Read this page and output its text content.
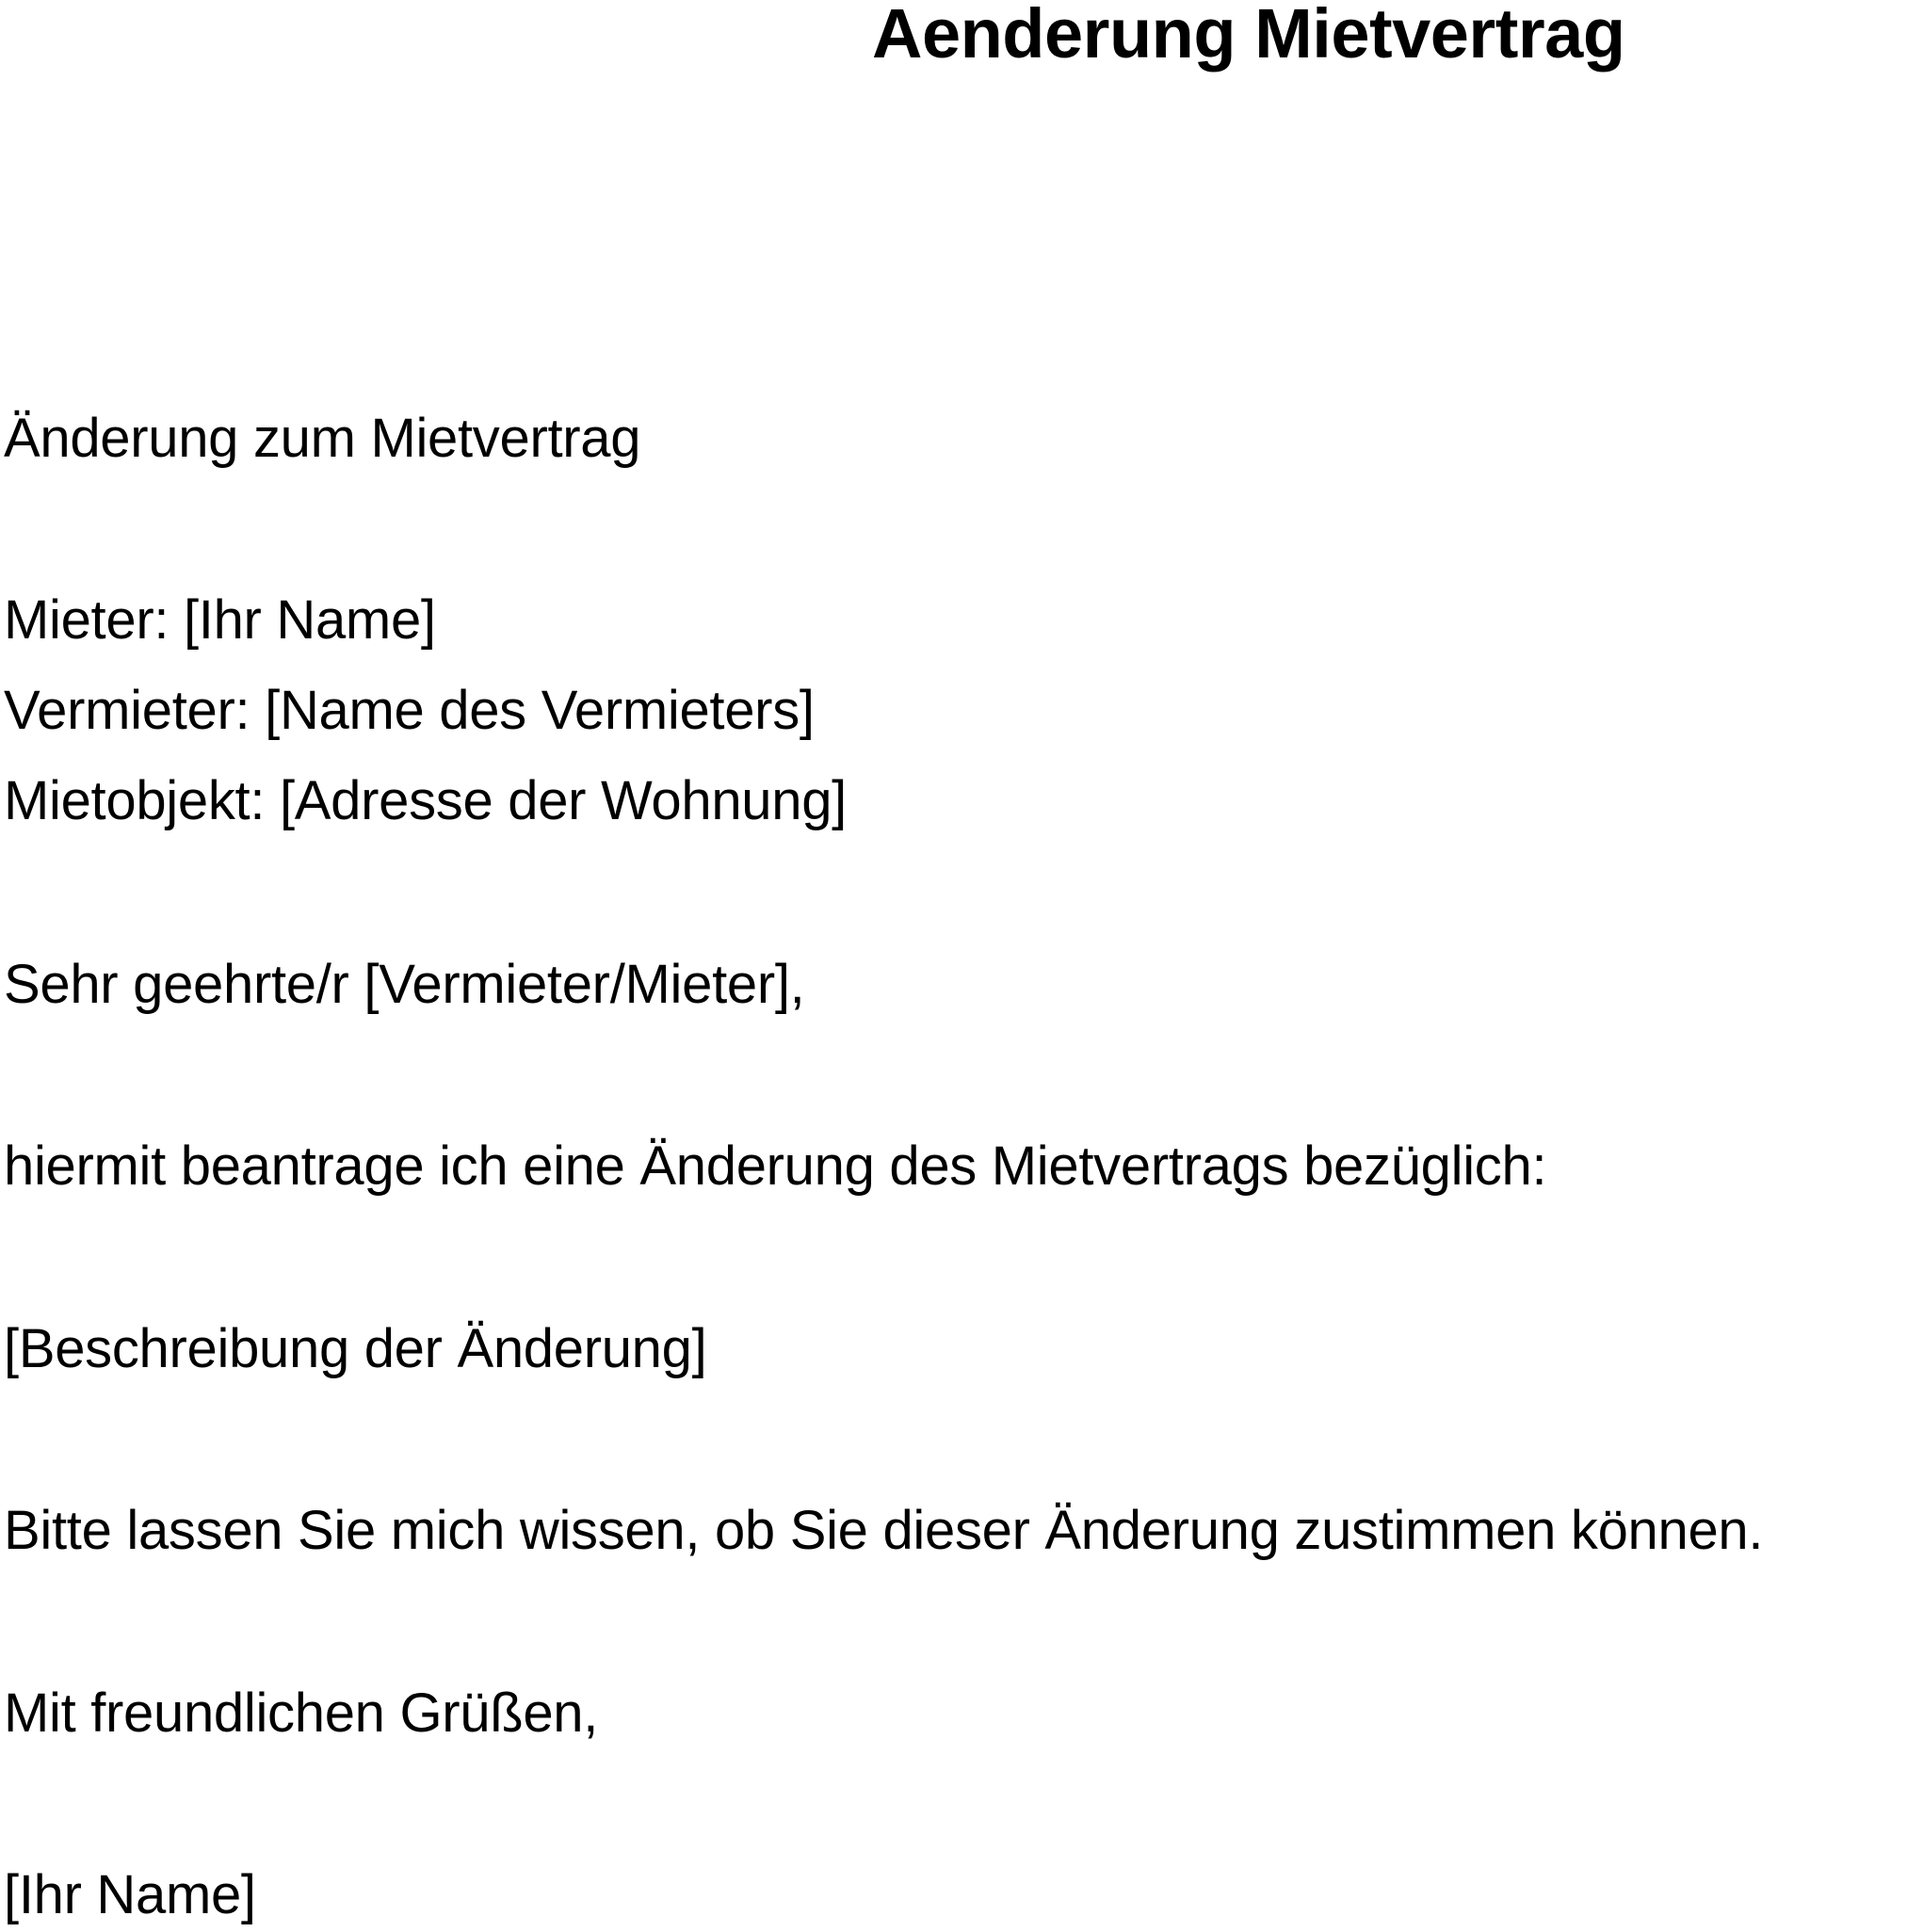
Aenderung Mietvertrag

Änderung zum Mietvertrag

Mieter: [Ihr Name]

Vermieter: [Name des Vermieters]

Mietobjekt: [Adresse der Wohnung]

Sehr geehrte/r [Vermieter/Mieter],

hiermit beantrage ich eine Änderung des Mietvertrags bezüglich:

[Beschreibung der Änderung]

Bitte lassen Sie mich wissen, ob Sie dieser Änderung zustimmen können.

Mit freundlichen Grüßen,

[Ihr Name]
